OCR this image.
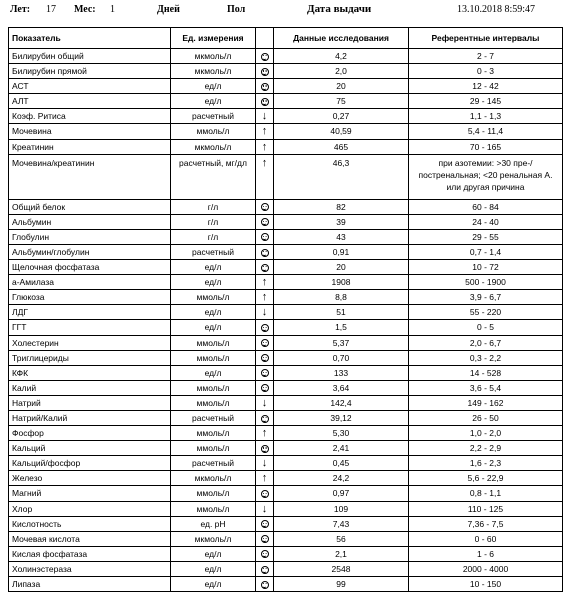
Лет: 17 Мес: 1	Дней	Пол	Дата выдачи	13.10.2018 8:59:47
Показатель	Ед. измерения		Данные исследования	Референтные интервалы
Билирубин общий	мкмоль/л		4,2	2 - 7
Билирубин прямой	мкмоль/л		2,0	0 - 3
АСТ	ед/л		20	12 - 42
АЛТ	ед/л		75	29 - 145
Коэф. Ритиса	расчетный	↓	0,27	1,1 - 1,3
Мочевина	ммоль/л	↑	40,59	5,4 - 11,4
Креатинин	мкмоль/л	↑	465	70 - 165
Мочевина/креатинин	расчетный, мг/дл	↑	46,3	при азотемии: >30 пре-/постренальная; <20 ренальная А. или другая причина
Общий белок	г/л		82	60 - 84
Альбумин	г/л		39	24 - 40
Глобулин	г/л		43	29 - 55
Альбумин/глобулин	расчетный		0,91	0,7 - 1,4
Щелочная фосфатаза	ед/л		20	10 - 72
а-Амилаза	ед/л	↑	1908	500 - 1900
Глюкоза	ммоль/л	↑	8,8	3,9 - 6,7
ЛДГ	ед/л	↓	51	55 - 220
ГГТ	ед/л		1,5	0 - 5
Холестерин	ммоль/л		5,37	2,0 - 6,7
Триглицериды	ммоль/л		0,70	0,3 - 2,2
КФК	ед/л		133	14 - 528
Калий	ммоль/л		3,64	3,6 - 5,4
Натрий	ммоль/л	↓	142,4	149 - 162
Натрий/Калий	расчетный		39,12	26 - 50
Фосфор	ммоль/л	↑	5,30	1,0 - 2,0
Кальций	ммоль/л		2,41	2,2 - 2,9
Кальций/фосфор	расчетный	↓	0,45	1,6 - 2,3
Железо	мкмоль/л	↑	24,2	5,6 - 22,9
Магний	ммоль/л		0,97	0,8 - 1,1
Хлор	ммоль/л	↓	109	110 - 125
Кислотность	ед. pH		7,43	7,36 - 7,5
Мочевая кислота	мкмоль/л		56	0 - 60
Кислая фосфатаза	ед/л		2,1	1 - 6
Холинэстераза	ед/л		2548	2000 - 4000
Липаза	ед/л		99	10 - 150
